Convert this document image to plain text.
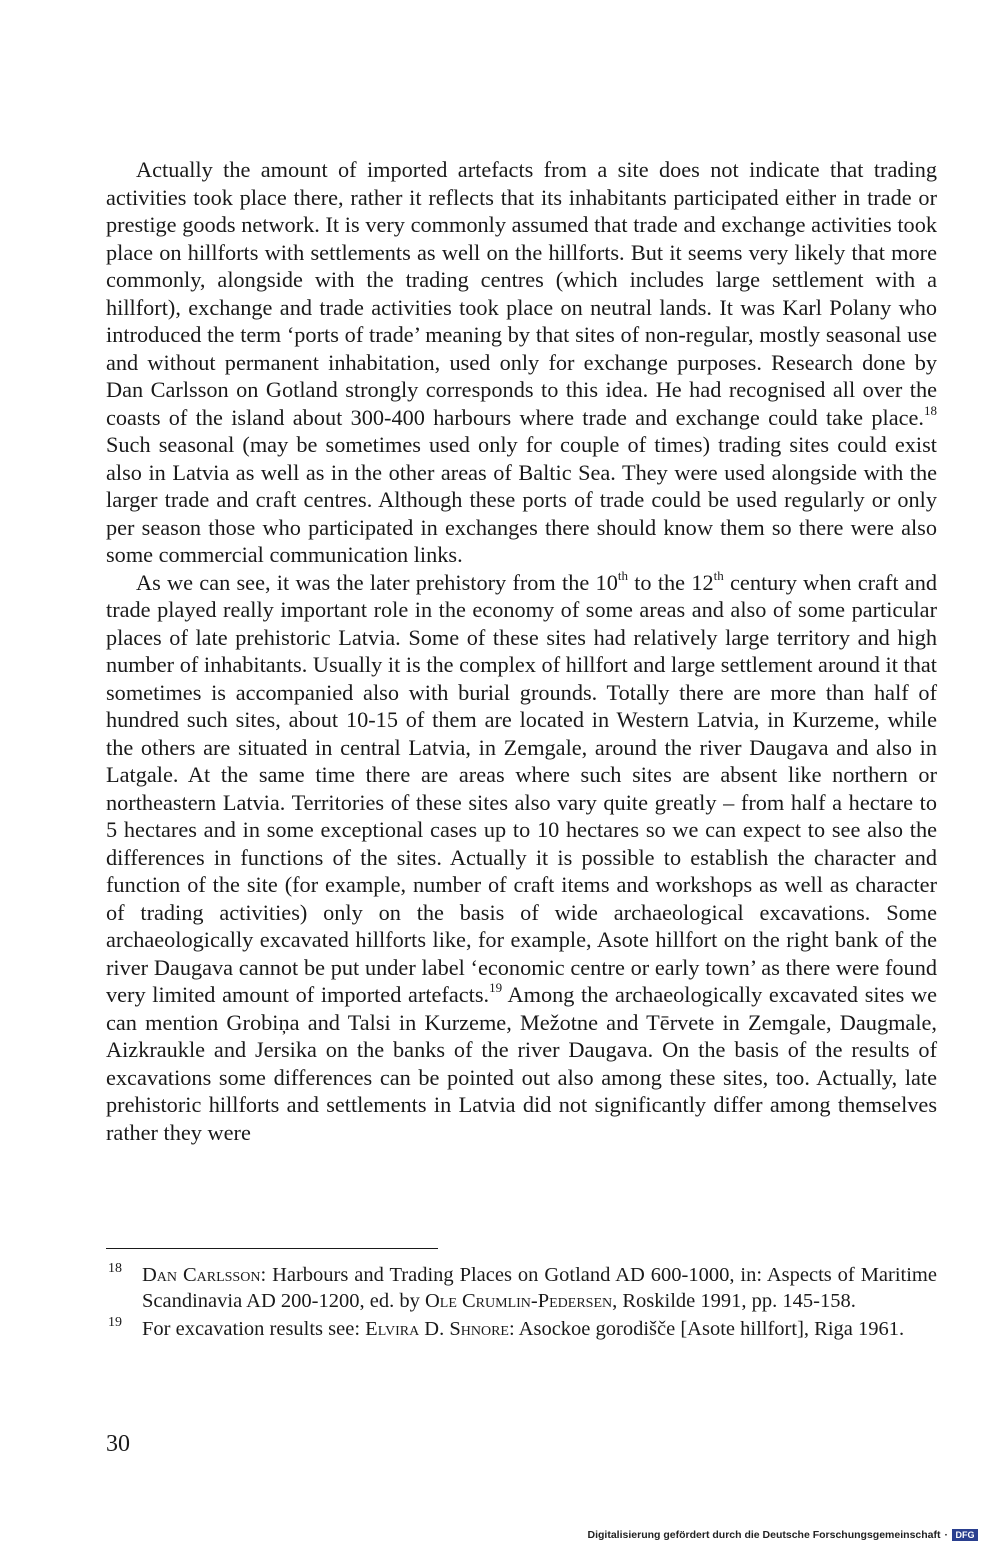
Actually the amount of imported artefacts from a site does not indicate that trading activities took place there, rather it reflects that its inhabitants participated either in trade or prestige goods network. It is very commonly assumed that trade and exchange activities took place on hillforts with settlements as well on the hillforts. But it seems very likely that more commonly, alongside with the trading centres (which includes large settlement with a hillfort), exchange and trade activities took place on neutral lands. It was Karl Polany who introduced the term ‘ports of trade’ meaning by that sites of non-regular, mostly seasonal use and without permanent inhabitation, used only for exchange purposes. Research done by Dan Carlsson on Gotland strongly corresponds to this idea. He had recognised all over the coasts of the island about 300-400 harbours where trade and exchange could take place.$^{18}$ Such seasonal (may be sometimes used only for couple of times) trading sites could exist also in Latvia as well as in the other areas of Baltic Sea. They were used alongside with the larger trade and craft centres. Although these ports of trade could be used regularly or only per season those who participated in exchanges there should know them so there were also some commercial communication links.

As we can see, it was the later prehistory from the 10th to the 12th century when craft and trade played really important role in the economy of some areas and also of some particular places of late prehistoric Latvia. Some of these sites had relatively large territory and high number of inhabitants. Usually it is the complex of hillfort and large settlement around it that sometimes is accompanied also with burial grounds. Totally there are more than half of hundred such sites, about 10-15 of them are located in Western Latvia, in Kurzeme, while the others are situated in central Latvia, in Zemgale, around the river Daugava and also in Latgale. At the same time there are areas where such sites are absent like northern or northeastern Latvia. Territories of these sites also vary quite greatly – from half a hectare to 5 hectares and in some exceptional cases up to 10 hectares so we can expect to see also the differences in functions of the sites. Actually it is possible to establish the character and function of the site (for example, number of craft items and workshops as well as character of trading activities) only on the basis of wide archaeological excavations. Some archaeologically excavated hillforts like, for example, Asote hillfort on the right bank of the river Daugava cannot be put under label ‘economic centre or early town’ as there were found very limited amount of imported artefacts.$^{19}$ Among the archaeologically excavated sites we can mention Grobiņa and Talsi in Kurzeme, Mežotne and Tērvete in Zemgale, Daugmale, Aizkraukle and Jersika on the banks of the river Daugava. On the basis of the results of excavations some differences can be pointed out also among these sites, too. Actually, late prehistoric hillforts and settlements in Latvia did not significantly differ among themselves rather they were

18 Dan Carlsson: Harbours and Trading Places on Gotland AD 600-1000, in: Aspects of Maritime Scandinavia AD 200-1200, ed. by Ole Crumlin-Pedersen, Roskilde 1991, pp. 145-158.
19 For excavation results see: Elvira D. Shnore: Asockoe gorodišče [Asote hillfort], Riga 1961.
30
Digitalisierung gefördert durch die Deutsche Forschungsgemeinschaft · DFG
